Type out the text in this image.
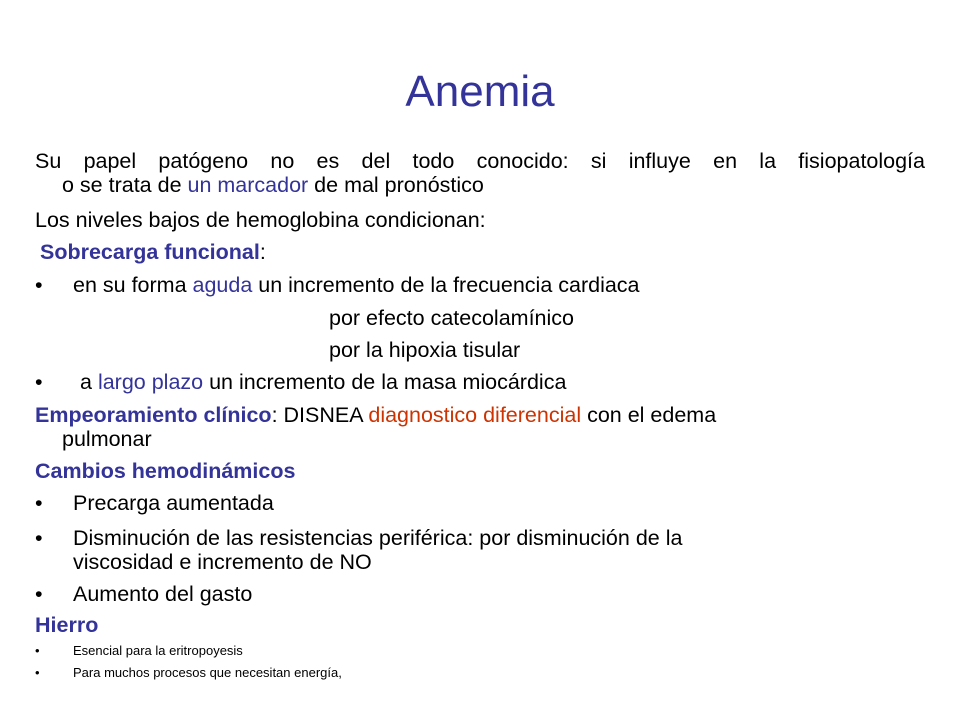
Anemia
Su papel patógeno no es del todo conocido: si influye en la fisiopatología
o se trata de un marcador de mal pronóstico
Los niveles bajos de hemoglobina condicionan:
Sobrecarga funcional:
• en su forma aguda un incremento de la frecuencia cardiaca
por efecto catecolamínico
por la hipoxia tisular
• a largo plazo un incremento de la masa miocárdica
Empeoramiento clínico: DISNEA diagnostico diferencial con el edema
pulmonar
Cambios hemodinámicos
• Precarga aumentada
• Disminución de las resistencias periférica: por disminución de la
viscosidad e incremento de NO
• Aumento del gasto
Hierro
•	Esencial para la eritropoyesis
•	Para muchos procesos que necesitan energía,
